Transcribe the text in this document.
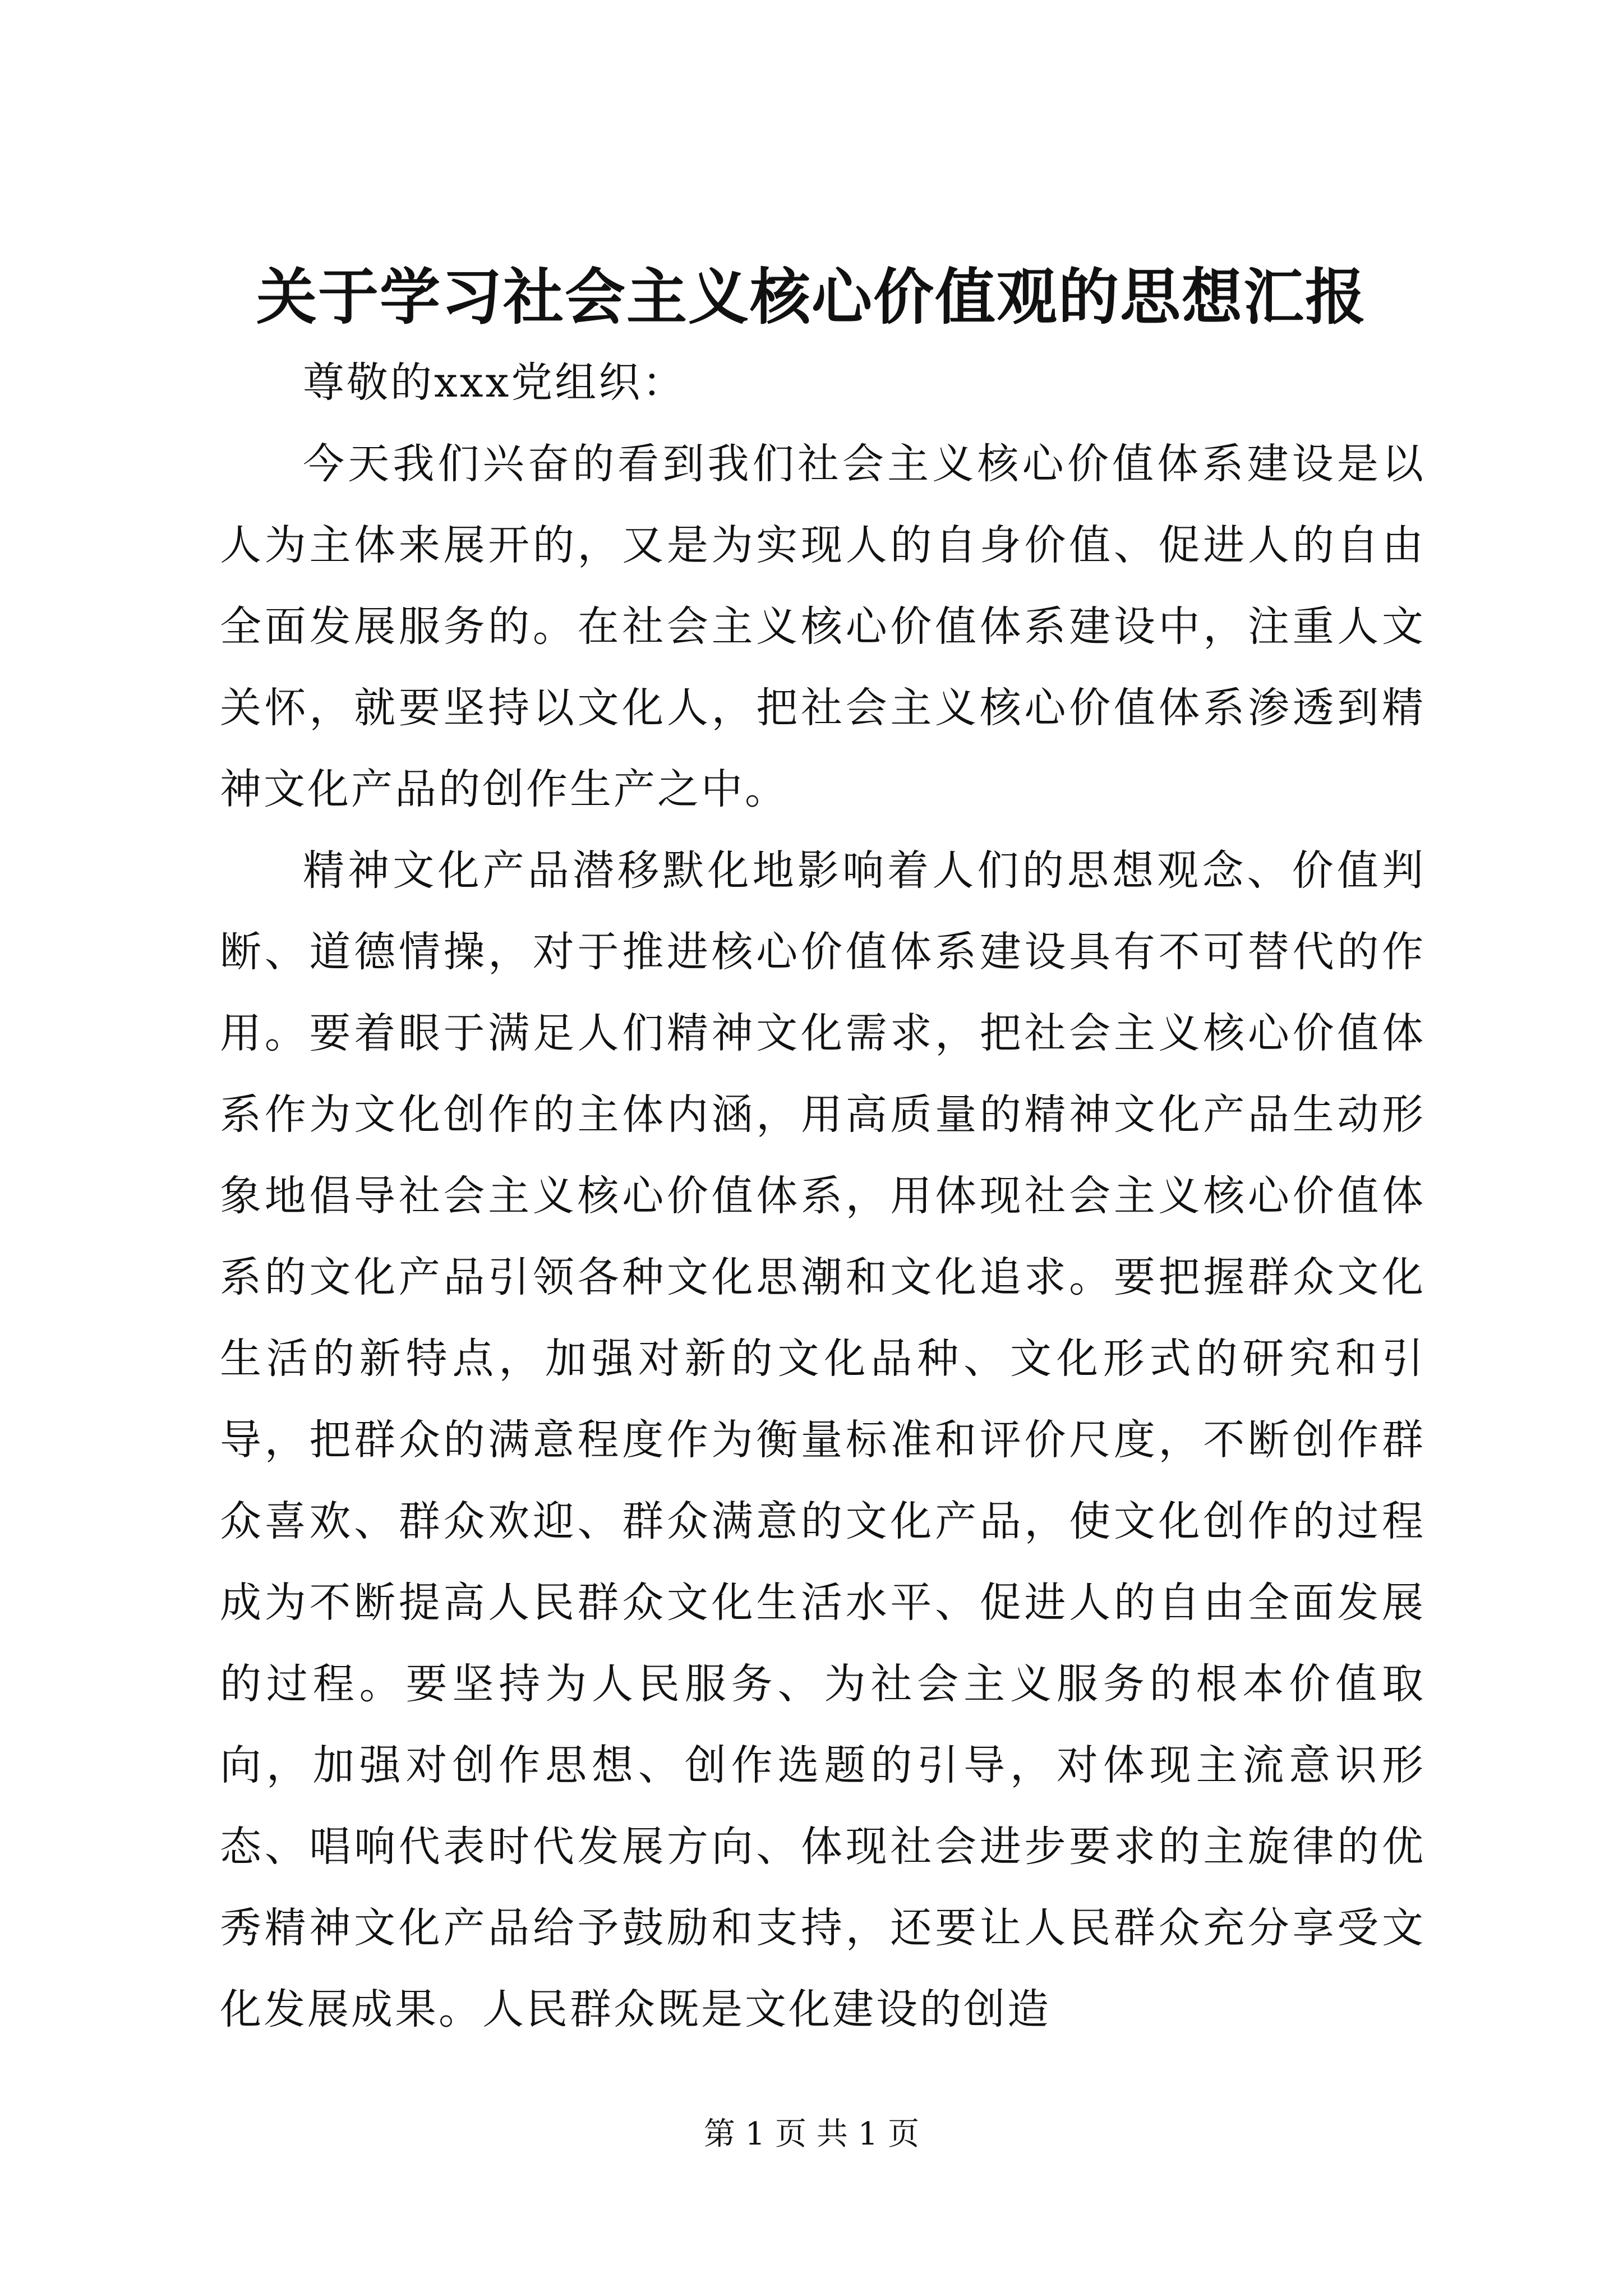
关于学习社会主义核心价值观的思想汇报

尊敬的xxx党组织：

今天我们兴奋的看到我们社会主义核心价值体系建设是以人为主体来展开的，又是为实现人的自身价值、促进人的自由全面发展服务的。在社会主义核心价值体系建设中，注重人文关怀，就要坚持以文化人，把社会主义核心价值体系渗透到精神文化产品的创作生产之中。

精神文化产品潜移默化地影响着人们的思想观念、价值判断、道德情操，对于推进核心价值体系建设具有不可替代的作用。要着眼于满足人们精神文化需求，把社会主义核心价值体系作为文化创作的主体内涵，用高质量的精神文化产品生动形象地倡导社会主义核心价值体系，用体现社会主义核心价值体系的文化产品引领各种文化思潮和文化追求。要把握群众文化生活的新特点，加强对新的文化品种、文化形式的研究和引导，把群众的满意程度作为衡量标准和评价尺度，不断创作群众喜欢、群众欢迎、群众满意的文化产品，使文化创作的过程成为不断提高人民群众文化生活水平、促进人的自由全面发展的过程。要坚持为人民服务、为社会主义服务的根本价值取向，加强对创作思想、创作选题的引导，对体现主流意识形态、唱响代表时代发展方向、体现社会进步要求的主旋律的优秀精神文化产品给予鼓励和支持，还要让人民群众充分享受文化发展成果。人民群众既是文化建设的创造

第 1 页 共 1 页
